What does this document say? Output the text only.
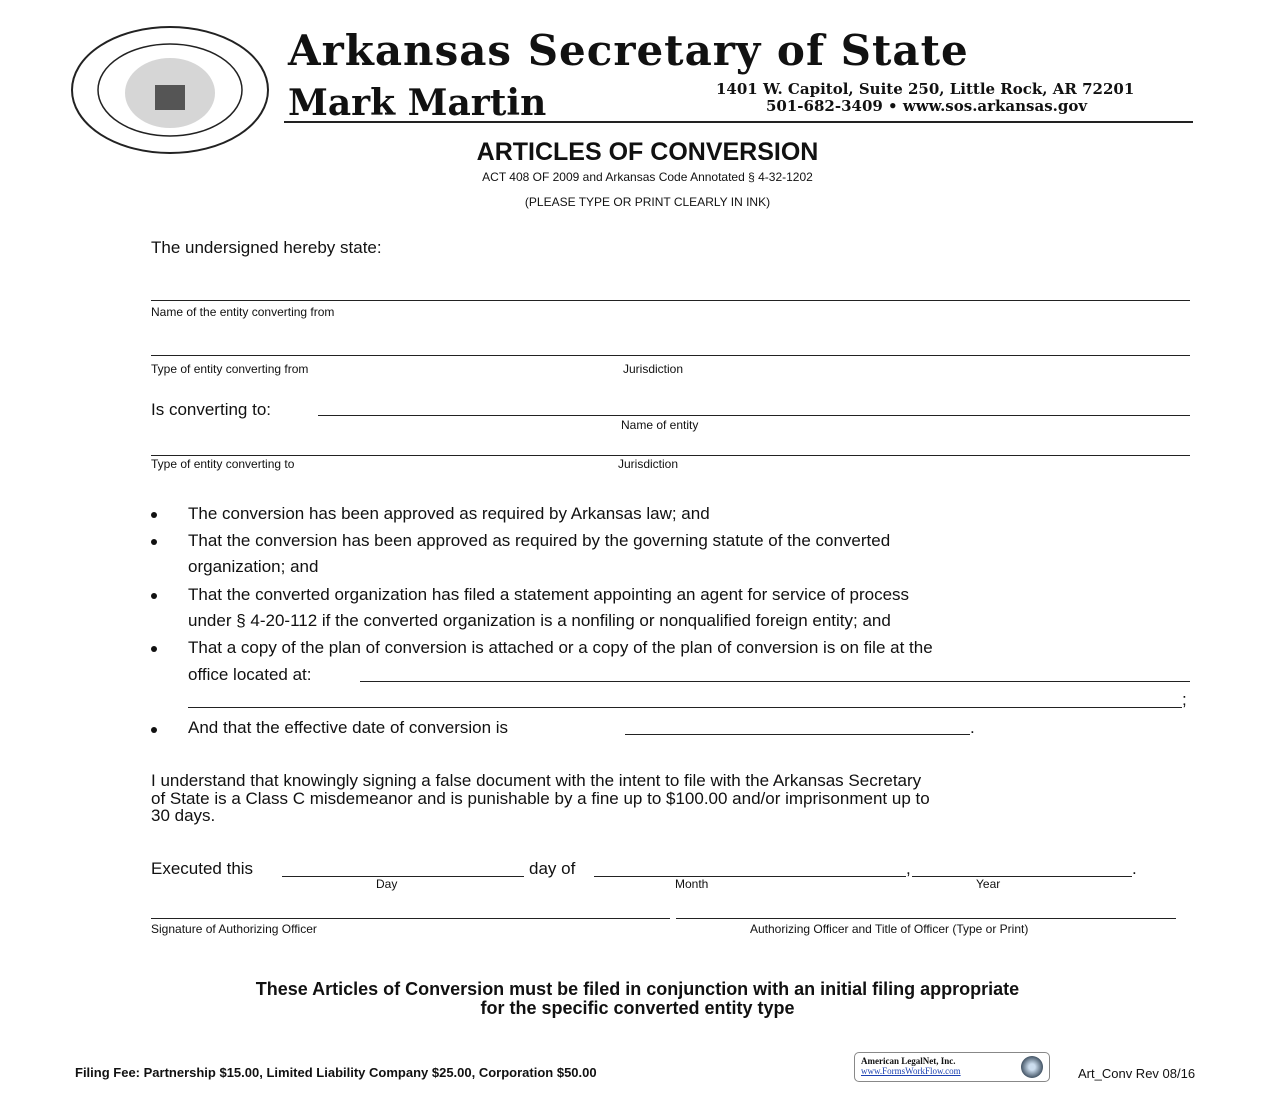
Arkansas Secretary of State
Mark Martin	1401 W. Capitol, Suite 250, Little Rock, AR 72201
501-682-3409 • www.sos.arkansas.gov
ARTICLES OF CONVERSION
ACT 408 OF 2009 and Arkansas Code Annotated § 4-32-1202
(PLEASE TYPE OR PRINT CLEARLY IN INK)
The undersigned hereby state:
Name of the entity converting from
Type of entity converting from	Jurisdiction
Is converting to:
Name of entity
Type of entity converting to	Jurisdiction
The conversion has been approved as required by Arkansas law; and
That the conversion has been approved as required by the governing statute of the converted
organization; and
That the converted organization has filed a statement appointing an agent for service of process
under § 4-20-112 if the converted organization is a nonfiling or nonqualified foreign entity; and
That a copy of the plan of conversion is attached or a copy of the plan of conversion is on file at the
office located at:
;
And that the effective date of conversion is	.
I understand that knowingly signing a false document with the intent to file with the Arkansas Secretary
of State is a Class C misdemeanor and is punishable by a fine up to $100.00 and/or imprisonment up to
30 days.
Executed this	day of	,	.
Day	Month	Year
Signature of Authorizing Officer	Authorizing Officer and Title of Officer (Type or Print)
These Articles of Conversion must be filed in conjunction with an initial filing appropriate
for the specific converted entity type
Filing Fee: Partnership $15.00, Limited Liability Company $25.00, Corporation $50.00
American LegalNet, Inc.
www.FormsWorkFlow.com	Art_Conv Rev 08/16
